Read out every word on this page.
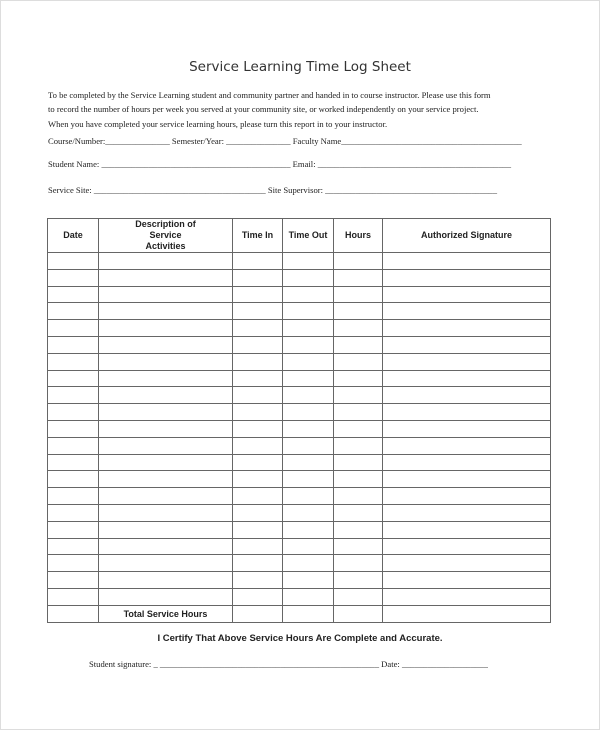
Service Learning Time Log Sheet
To be completed by the Service Learning student and community partner and handed in to course instructor. Please use this form
to record the number of hours per week you served at your community site, or worked independently on your service project.
When you have completed your service learning hours, please turn this report in to your instructor.
Course/Number:_______________ Semester/Year: _______________ Faculty Name__________________________________________
Student Name: ____________________________________________ Email: _____________________________________________
Service Site: ________________________________________ Site Supervisor: ________________________________________
Date	Description of Service Activities	Time In	Time Out	Hours	Authorized Signature

	Total Service Hours				
I Certify That Above Service Hours Are Complete and Accurate.
Student signature: _ ___________________________________________________ Date: ____________________
